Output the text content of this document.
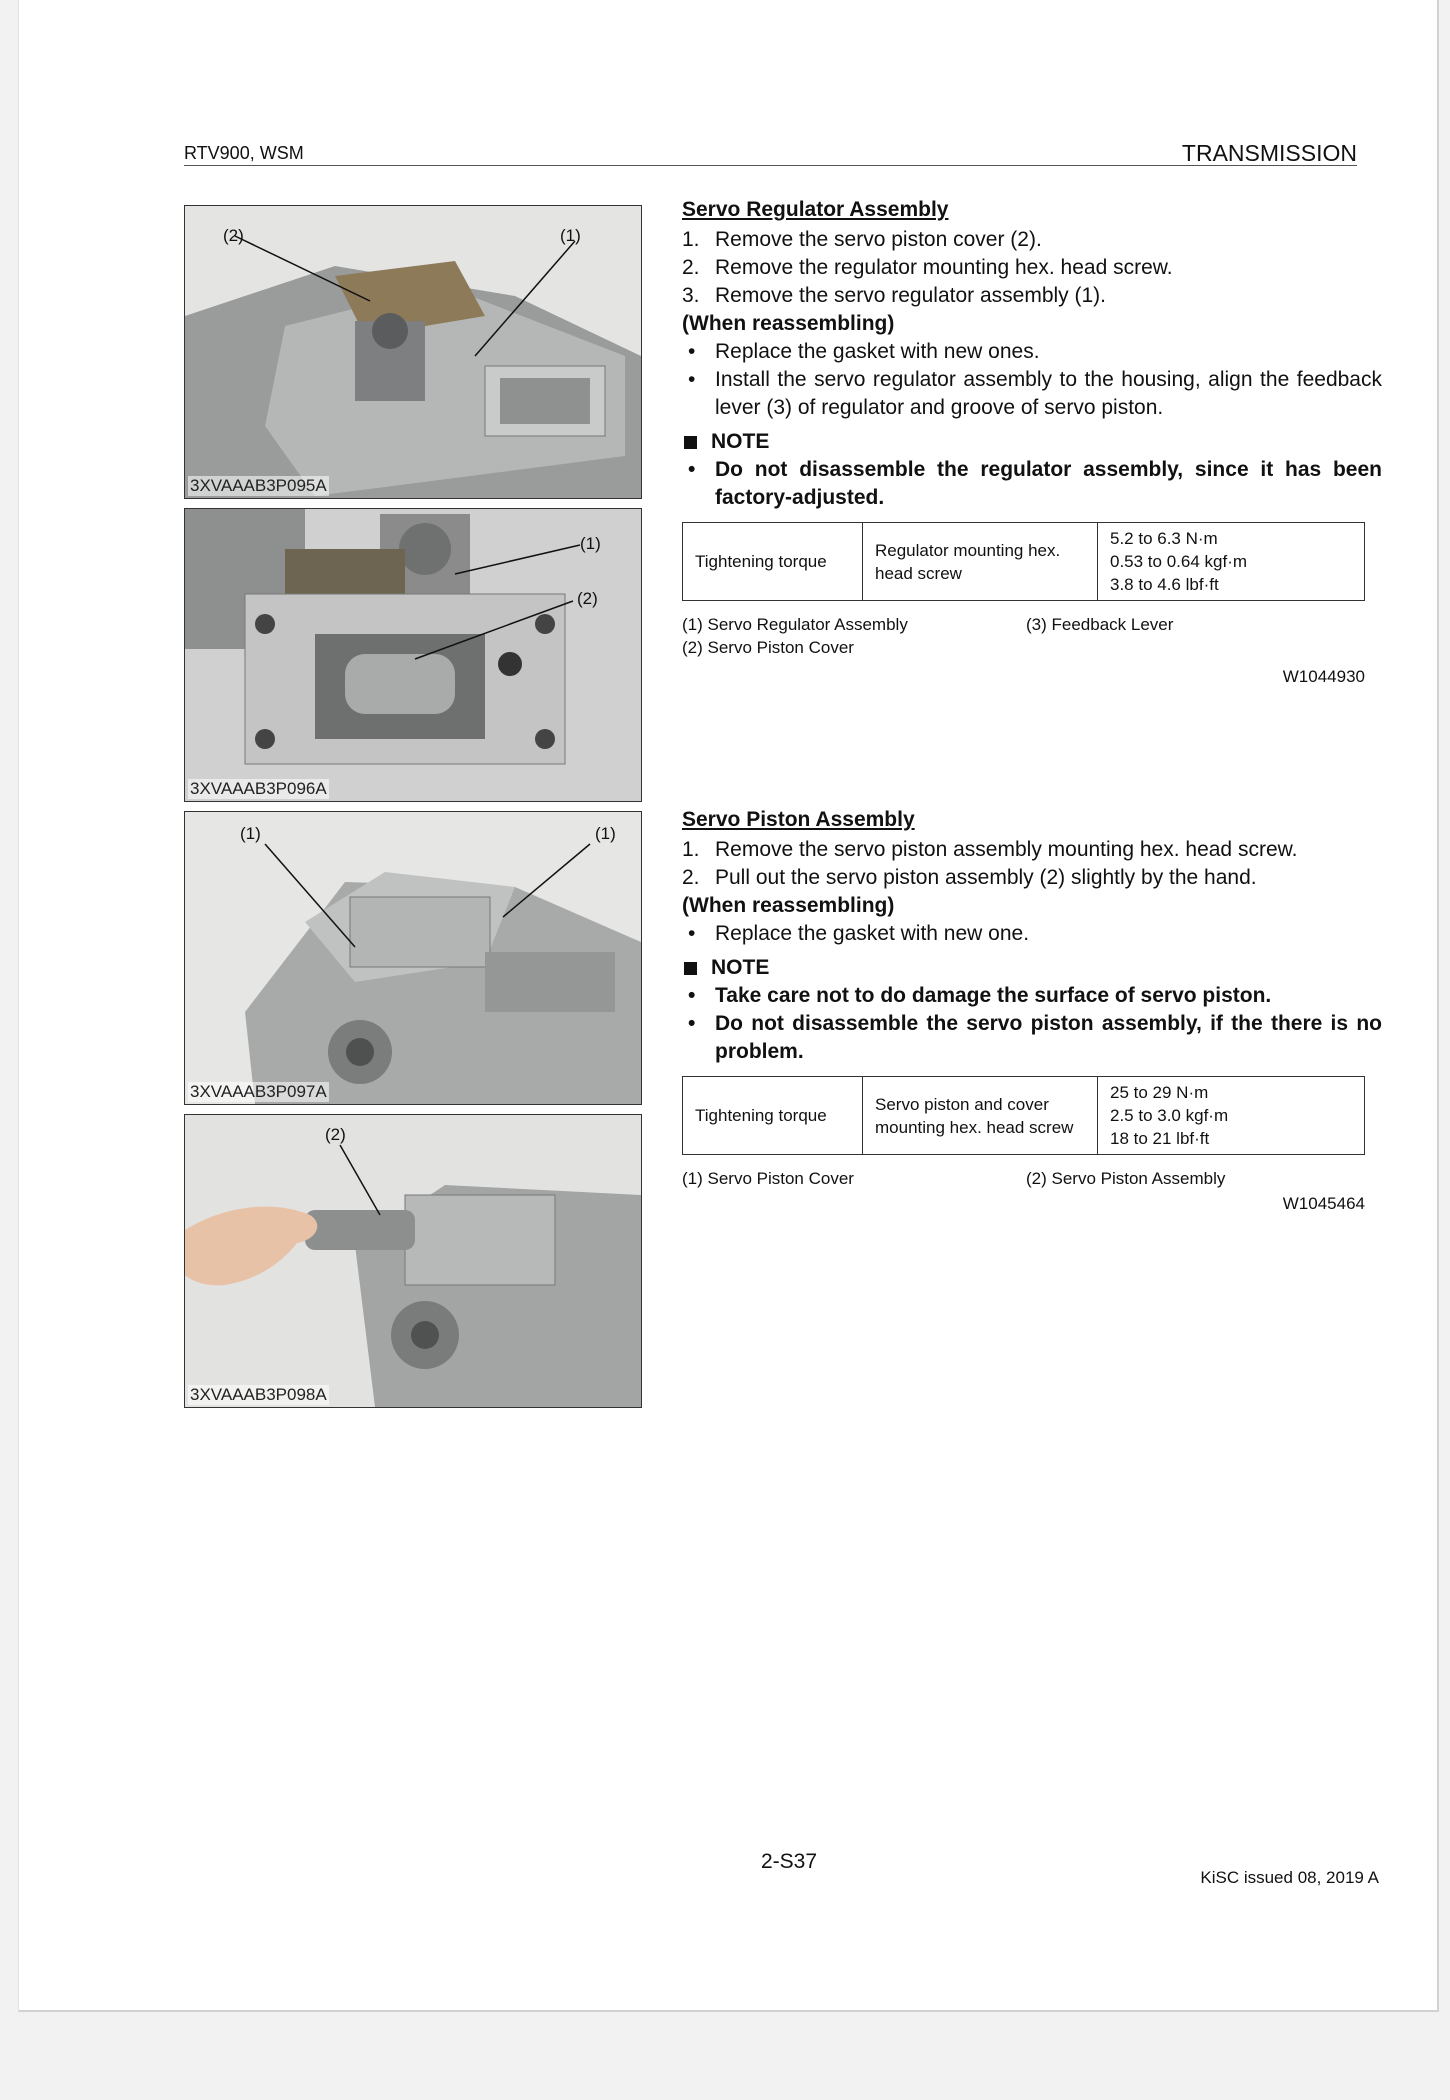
RTV900, WSM	TRANSMISSION
(2)	(1)
3XVAAAB3P095A
(1)
(2)
3XVAAAB3P096A
(1)	(1)
3XVAAAB3P097A
(2)
3XVAAAB3P098A
Servo Regulator Assembly
1. Remove the servo piston cover (2).
2. Remove the regulator mounting hex. head screw.
3. Remove the servo regulator assembly (1).
(When reassembling)
• Replace the gasket with new ones.
• Install the servo regulator assembly to the housing, align the feedback lever (3) of regulator and groove of servo piston.
NOTE
• Do not disassemble the regulator assembly, since it has been factory-adjusted.
Tightening torque	Regulator mounting hex. head screw	
5.2 to 6.3 N·m
0.53 to 0.64 kgf·m
3.8 to 4.6 lbf·ft
(1) Servo Regulator Assembly
(2) Servo Piston Cover
(3) Feedback Lever
W1044930
Servo Piston Assembly
1. Remove the servo piston assembly mounting hex. head screw.
2. Pull out the servo piston assembly (2) slightly by the hand.
(When reassembling)
• Replace the gasket with new one.
NOTE
• Take care not to do damage the surface of servo piston.
• Do not disassemble the servo piston assembly, if the there is no problem.
Tightening torque	Servo piston and cover mounting hex. head screw	
25 to 29 N·m
2.5 to 3.0 kgf·m
18 to 21 lbf·ft
(1) Servo Piston Cover	(2) Servo Piston Assembly
W1045464
2-S37
KiSC issued 08, 2019 A
